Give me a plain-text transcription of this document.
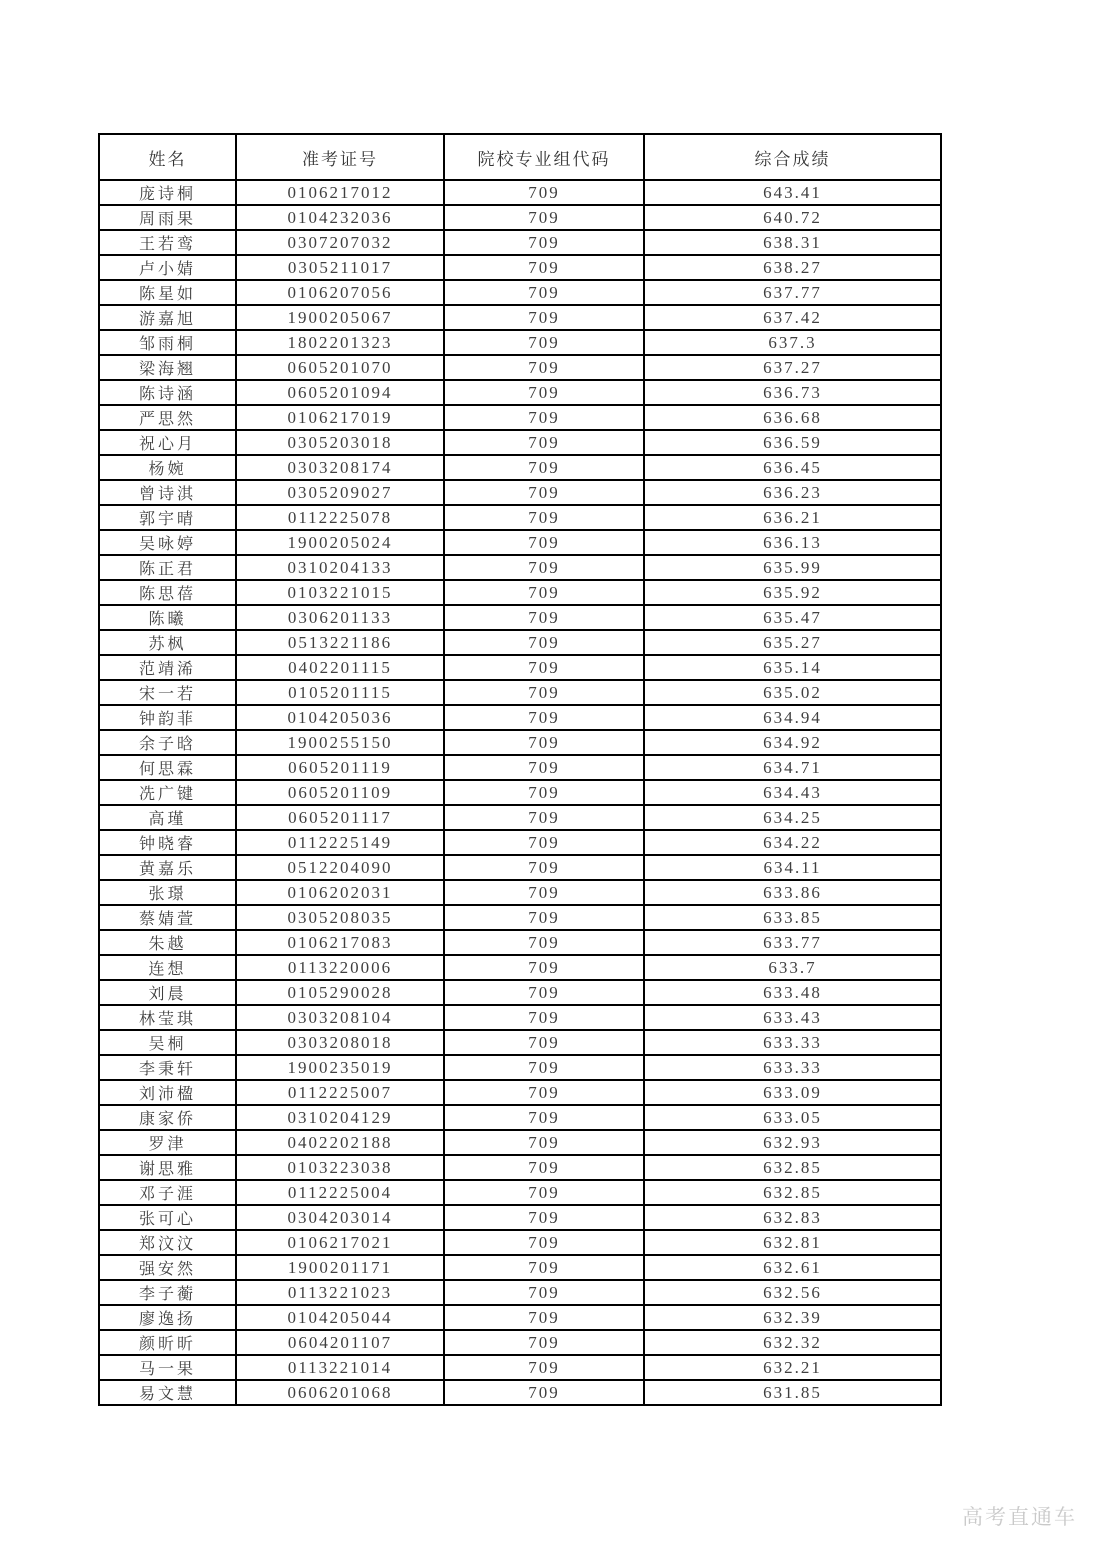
姓名	准考证号	院校专业组代码	综合成绩
庞诗桐	0106217012	709	643.41
周雨果	0104232036	709	640.72
王若鸾	0307207032	709	638.31
卢小婧	0305211017	709	638.27
陈星如	0106207056	709	637.77
游嘉旭	1900205067	709	637.42
邹雨桐	1802201323	709	637.3
梁海翘	0605201070	709	637.27
陈诗涵	0605201094	709	636.73
严思然	0106217019	709	636.68
祝心月	0305203018	709	636.59
杨婉	0303208174	709	636.45
曾诗淇	0305209027	709	636.23
郭宇晴	0112225078	709	636.21
吴咏婷	1900205024	709	636.13
陈正君	0310204133	709	635.99
陈思蓓	0103221015	709	635.92
陈曦	0306201133	709	635.47
苏枫	0513221186	709	635.27
范靖浠	0402201115	709	635.14
宋一若	0105201115	709	635.02
钟韵菲	0104205036	709	634.94
余子晗	1900255150	709	634.92
何思霖	0605201119	709	634.71
冼广键	0605201109	709	634.43
高瑾	0605201117	709	634.25
钟晓睿	0112225149	709	634.22
黄嘉乐	0512204090	709	634.11
张璟	0106202031	709	633.86
蔡婧萱	0305208035	709	633.85
朱越	0106217083	709	633.77
连想	0113220006	709	633.7
刘晨	0105290028	709	633.48
林莹琪	0303208104	709	633.43
吴桐	0303208018	709	633.33
李秉轩	1900235019	709	633.33
刘沛楹	0112225007	709	633.09
康家侨	0310204129	709	633.05
罗津	0402202188	709	632.93
谢思雅	0103223038	709	632.85
邓子涯	0112225004	709	632.85
张可心	0304203014	709	632.83
郑汶汶	0106217021	709	632.81
强安然	1900201171	709	632.61
李子蘅	0113221023	709	632.56
廖逸扬	0104205044	709	632.39
颜昕昕	0604201107	709	632.32
马一果	0113221014	709	632.21
易文慧	0606201068	709	631.85
高考直通车
